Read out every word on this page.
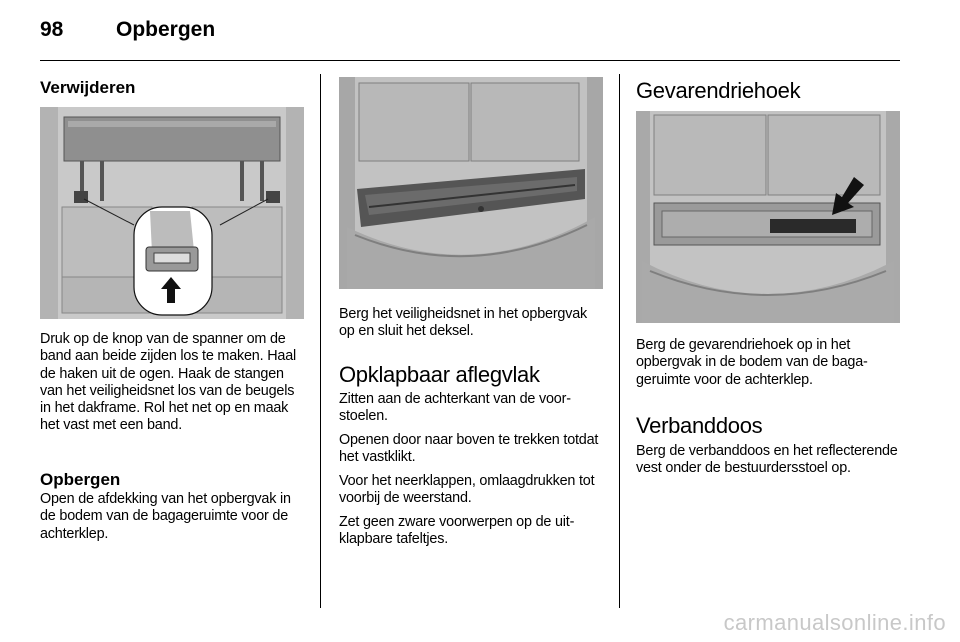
98	Opbergen
Verwijderen

Druk op de knop van de spanner om de band aan beide zijden los te maken. Haal de haken uit de ogen. Haak de stangen van het veiligheidsnet los van de beugels in het dakframe. Rol het net op en maak het vast met een band.

Opbergen

Open de afdekking van het opbergvak in de bodem van de bagageruimte voor de achterklep.

Berg het veiligheidsnet in het opbergvak op en sluit het deksel.

Opklapbaar aflegvlak

Zitten aan de achterkant van de voorstoelen.

Openen door naar boven te trekken totdat het vastklikt.

Voor het neerklappen, omlaagdrukken tot voorbij de weerstand.

Zet geen zware voorwerpen op de uitklapbare tafeltjes.

Gevarendriehoek

Berg de gevarendriehoek op in het opbergvak in de bodem van de bagageruimte voor de achterklep.

Verbanddoos

Berg de verbanddoos en het reflecterende vest onder de bestuurdersstoel op.

carmanualsonline.info
